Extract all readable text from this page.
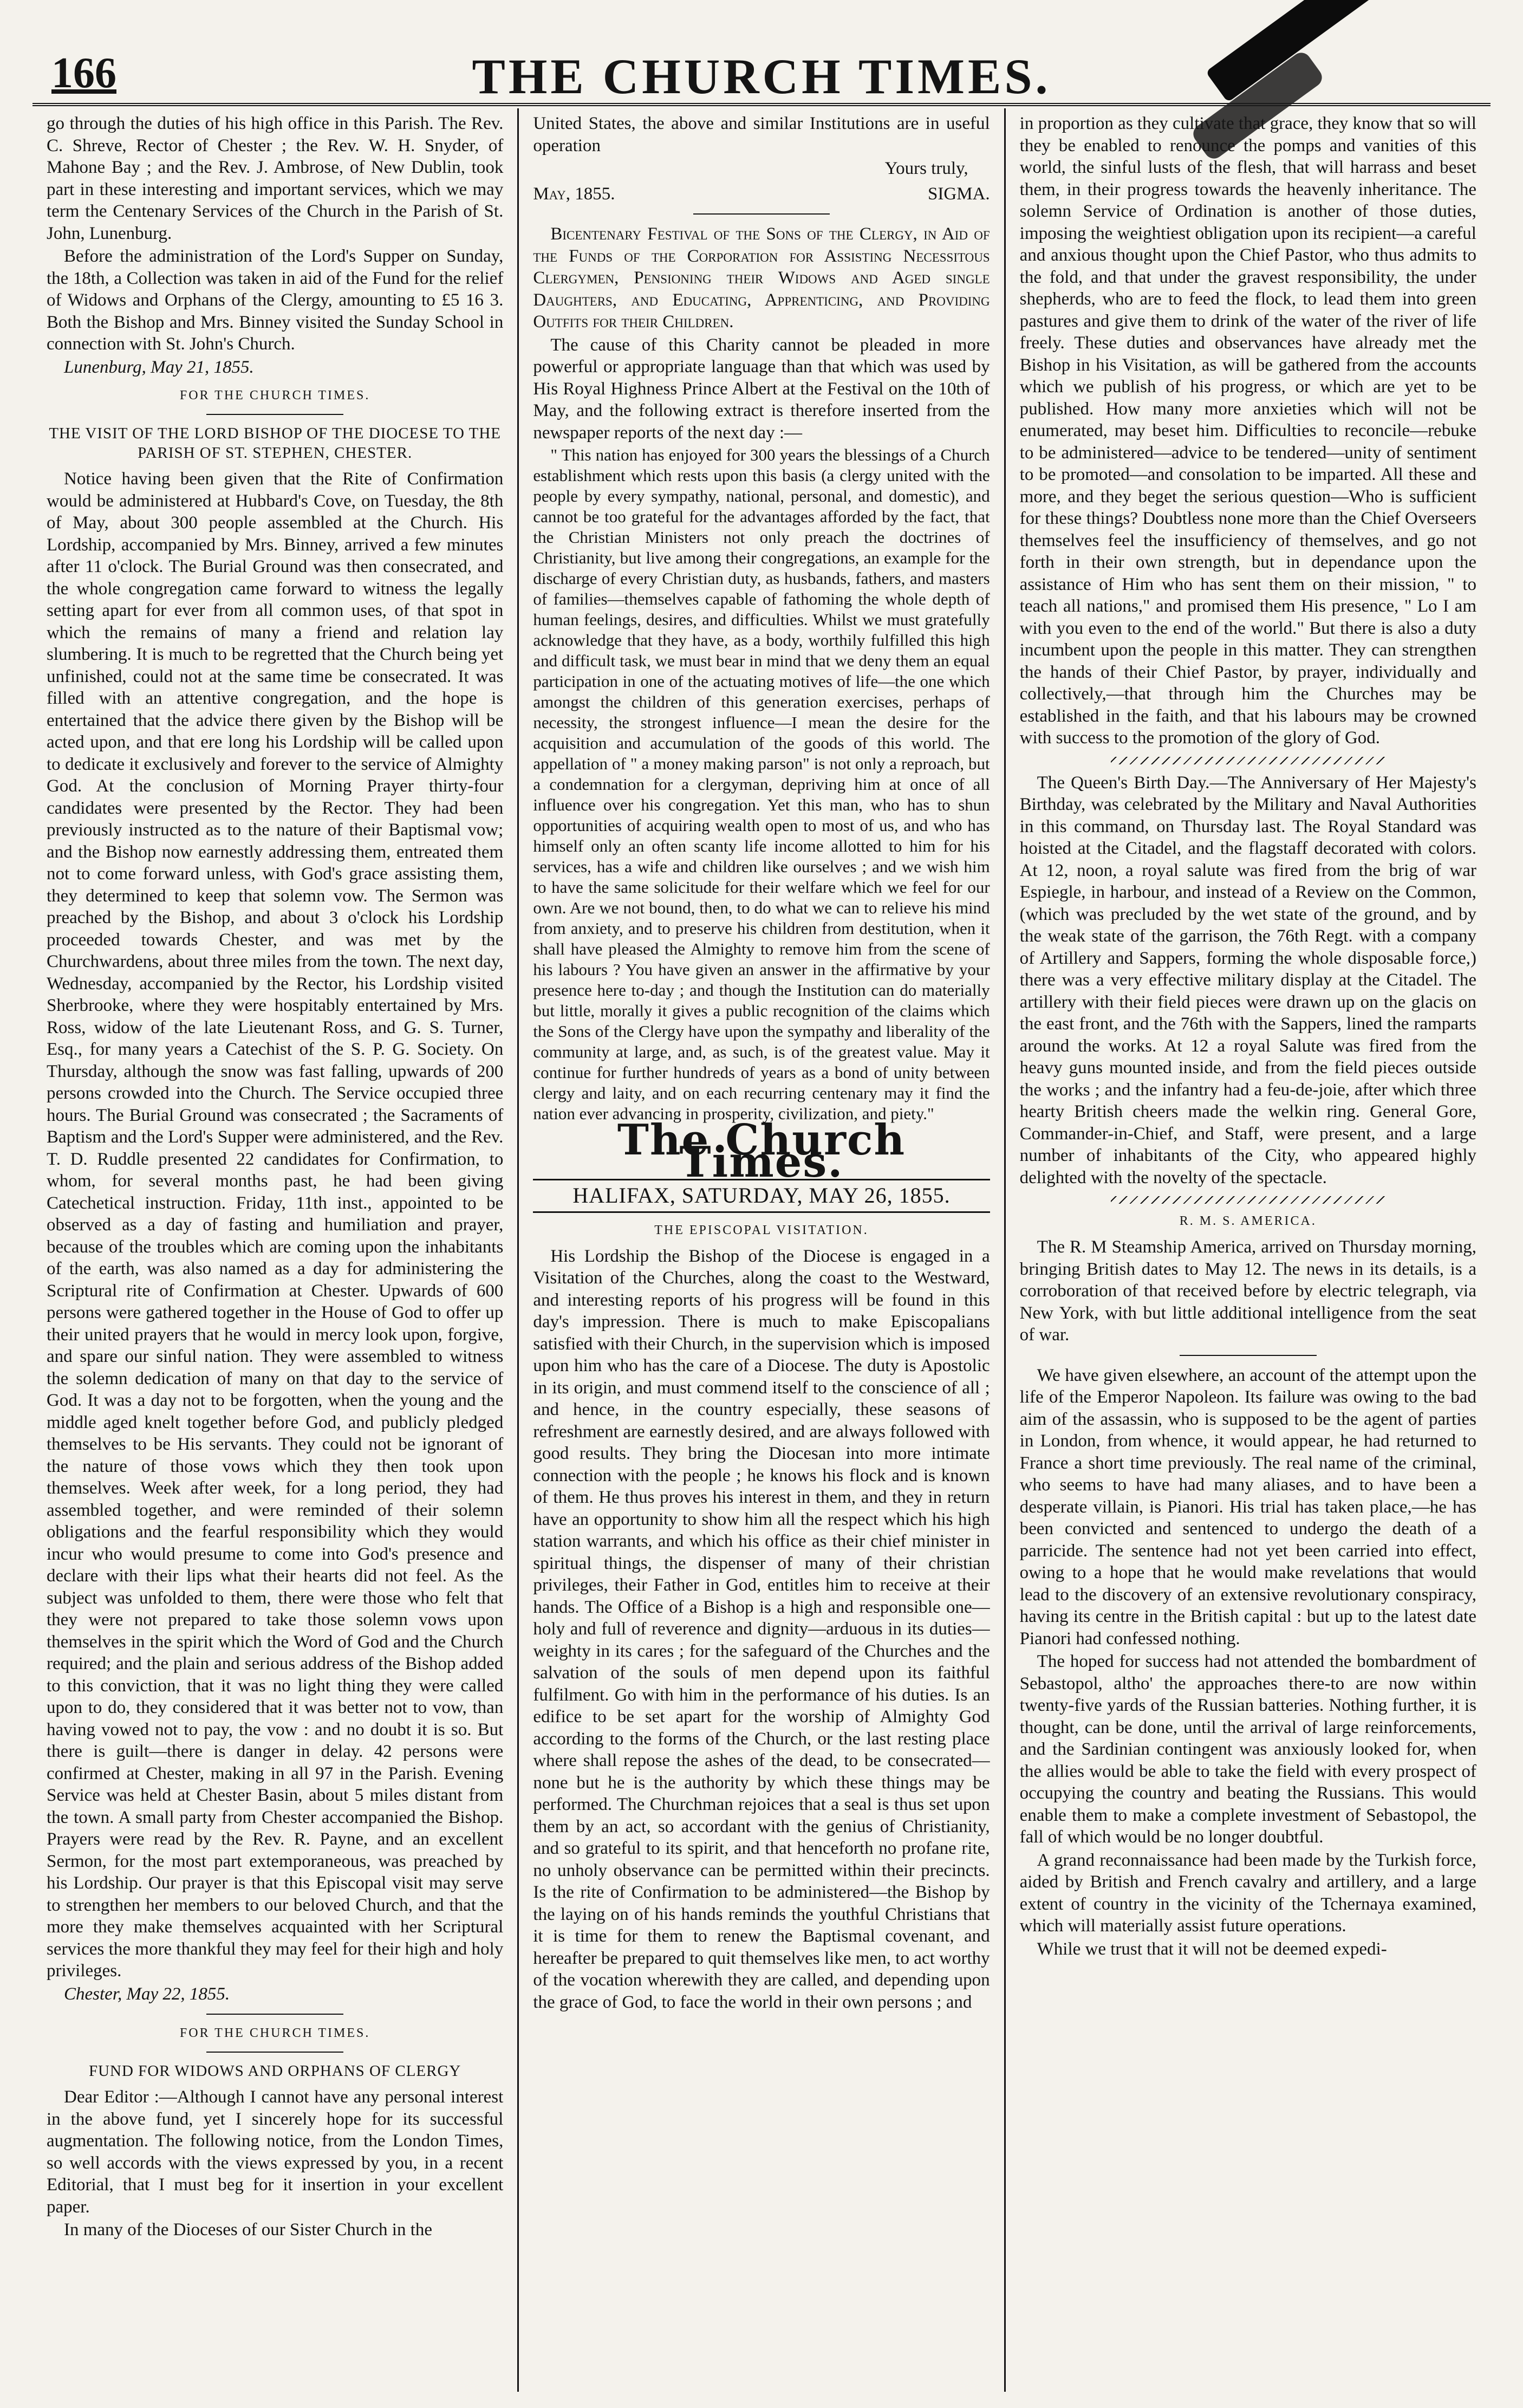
166	THE CHURCH TIMES.

go through the duties of his high office in this Parish. The Rev. C. Shreve, Rector of Chester ; the Rev. W. H. Snyder, of Mahone Bay ; and the Rev. J. Ambrose, of New Dublin, took part in these interesting and important services, which we may term the Centenary Services of the Church in the Parish of St. John, Lunenburg.

Before the administration of the Lord's Supper on Sunday, the 18th, a Collection was taken in aid of the Fund for the relief of Widows and Orphans of the Clergy, amounting to £5 16 3. Both the Bishop and Mrs. Binney visited the Sunday School in connection with St. John's Church.

Lunenburg, May 21, 1855.

FOR THE CHURCH TIMES.
THE VISIT OF THE LORD BISHOP OF THE DIOCESE TO THE PARISH OF ST. STEPHEN, CHESTER.

Notice having been given that the Rite of Confirmation would be administered at Hubbard's Cove, on Tuesday, the 8th of May, about 300 people assembled at the Church. His Lordship, accompanied by Mrs. Binney, arrived a few minutes after 11 o'clock. The Burial Ground was then consecrated, and the whole congregation came forward to witness the legally setting apart for ever from all common uses, of that spot in which the remains of many a friend and relation lay slumbering. It is much to be regretted that the Church being yet unfinished, could not at the same time be consecrated. It was filled with an attentive congregation, and the hope is entertained that the advice there given by the Bishop will be acted upon, and that ere long his Lordship will be called upon to dedicate it exclusively and forever to the service of Almighty God. At the conclusion of Morning Prayer thirty-four candidates were presented by the Rector. They had been previously instructed as to the nature of their Baptismal vow; and the Bishop now earnestly addressing them, entreated them not to come forward unless, with God's grace assisting them, they determined to keep that solemn vow. The Sermon was preached by the Bishop, and about 3 o'clock his Lordship proceeded towards Chester, and was met by the Churchwardens, about three miles from the town. The next day, Wednesday, accompanied by the Rector, his Lordship visited Sherbrooke, where they were hospitably entertained by Mrs. Ross, widow of the late Lieutenant Ross, and G. S. Turner, Esq., for many years a Catechist of the S. P. G. Society. On Thursday, although the snow was fast falling, upwards of 200 persons crowded into the Church. The Service occupied three hours. The Burial Ground was consecrated ; the Sacraments of Baptism and the Lord's Supper were administered, and the Rev. T. D. Ruddle presented 22 candidates for Confirmation, to whom, for several months past, he had been giving Catechetical instruction. Friday, 11th inst., appointed to be observed as a day of fasting and humiliation and prayer, because of the troubles which are coming upon the inhabitants of the earth, was also named as a day for administering the Scriptural rite of Confirmation at Chester. Upwards of 600 persons were gathered together in the House of God to offer up their united prayers that he would in mercy look upon, forgive, and spare our sinful nation. They were assembled to witness the solemn dedication of many on that day to the service of God. It was a day not to be forgotten, when the young and the middle aged knelt together before God, and publicly pledged themselves to be His servants. They could not be ignorant of the nature of those vows which they then took upon themselves. Week after week, for a long period, they had assembled together, and were reminded of their solemn obligations and the fearful responsibility which they would incur who would presume to come into God's presence and declare with their lips what their hearts did not feel. As the subject was unfolded to them, there were those who felt that they were not prepared to take those solemn vows upon themselves in the spirit which the Word of God and the Church required; and the plain and serious address of the Bishop added to this conviction, that it was no light thing they were called upon to do, they considered that it was better not to vow, than having vowed not to pay, the vow : and no doubt it is so. But there is guilt—there is danger in delay. 42 persons were confirmed at Chester, making in all 97 in the Parish. Evening Service was held at Chester Basin, about 5 miles distant from the town. A small party from Chester accompanied the Bishop. Prayers were read by the Rev. R. Payne, and an excellent Sermon, for the most part extemporaneous, was preached by his Lordship. Our prayer is that this Episcopal visit may serve to strengthen her members to our beloved Church, and that the more they make themselves acquainted with her Scriptural services the more thankful they may feel for their high and holy privileges.

Chester, May 22, 1855.

FOR THE CHURCH TIMES.
FUND FOR WIDOWS AND ORPHANS OF CLERGY

Dear Editor :—Although I cannot have any personal interest in the above fund, yet I sincerely hope for its successful augmentation. The following notice, from the London Times, so well accords with the views expressed by you, in a recent Editorial, that I must beg for it insertion in your excellent paper.

In many of the Dioceses of our Sister Church in the

United States, the above and similar Institutions are in useful operation

Yours truly,
May, 1855.	SIGMA.

Bicentenary Festival of the Sons of the Clergy, in Aid of the Funds of the Corporation for Assisting Necessitous Clergymen, Pensioning their Widows and Aged single Daughters, and Educating, Apprenticing, and Providing Outfits for their Children.

The cause of this Charity cannot be pleaded in more powerful or appropriate language than that which was used by His Royal Highness Prince Albert at the Festival on the 10th of May, and the following extract is therefore inserted from the newspaper reports of the next day :—

" This nation has enjoyed for 300 years the blessings of a Church establishment which rests upon this basis (a clergy united with the people by every sympathy, national, personal, and domestic), and cannot be too grateful for the advantages afforded by the fact, that the Christian Ministers not only preach the doctrines of Christianity, but live among their congregations, an example for the discharge of every Christian duty, as husbands, fathers, and masters of families—themselves capable of fathoming the whole depth of human feelings, desires, and difficulties. Whilst we must gratefully acknowledge that they have, as a body, worthily fulfilled this high and difficult task, we must bear in mind that we deny them an equal participation in one of the actuating motives of life—the one which amongst the children of this generation exercises, perhaps of necessity, the strongest influence—I mean the desire for the acquisition and accumulation of the goods of this world. The appellation of " a money making parson" is not only a reproach, but a condemnation for a clergyman, depriving him at once of all influence over his congregation. Yet this man, who has to shun opportunities of acquiring wealth open to most of us, and who has himself only an often scanty life income allotted to him for his services, has a wife and children like ourselves ; and we wish him to have the same solicitude for their welfare which we feel for our own. Are we not bound, then, to do what we can to relieve his mind from anxiety, and to preserve his children from destitution, when it shall have pleased the Almighty to remove him from the scene of his labours ? You have given an answer in the affirmative by your presence here to-day ; and though the Institution can do materially but little, morally it gives a public recognition of the claims which the Sons of the Clergy have upon the sympathy and liberality of the community at large, and, as such, is of the greatest value. May it continue for further hundreds of years as a bond of unity between clergy and laity, and on each recurring centenary may it find the nation ever advancing in prosperity, civilization, and piety."

The Church Times.
HALIFAX, SATURDAY, MAY 26, 1855.
THE EPISCOPAL VISITATION.

His Lordship the Bishop of the Diocese is engaged in a Visitation of the Churches, along the coast to the Westward, and interesting reports of his progress will be found in this day's impression. There is much to make Episcopalians satisfied with their Church, in the supervision which is imposed upon him who has the care of a Diocese. The duty is Apostolic in its origin, and must commend itself to the conscience of all ; and hence, in the country especially, these seasons of refreshment are earnestly desired, and are always followed with good results. They bring the Diocesan into more intimate connection with the people ; he knows his flock and is known of them. He thus proves his interest in them, and they in return have an opportunity to show him all the respect which his high station warrants, and which his office as their chief minister in spiritual things, the dispenser of many of their christian privileges, their Father in God, entitles him to receive at their hands. The Office of a Bishop is a high and responsible one—holy and full of reverence and dignity—arduous in its duties—weighty in its cares ; for the safeguard of the Churches and the salvation of the souls of men depend upon its faithful fulfilment. Go with him in the performance of his duties. Is an edifice to be set apart for the worship of Almighty God according to the forms of the Church, or the last resting place where shall repose the ashes of the dead, to be consecrated—none but he is the authority by which these things may be performed. The Churchman rejoices that a seal is thus set upon them by an act, so accordant with the genius of Christianity, and so grateful to its spirit, and that henceforth no profane rite, no unholy observance can be permitted within their precincts. Is the rite of Confirmation to be administered—the Bishop by the laying on of his hands reminds the youthful Christians that it is time for them to renew the Baptismal covenant, and hereafter be prepared to quit themselves like men, to act worthy of the vocation wherewith they are called, and depending upon the grace of God, to face the world in their own persons ; and

in proportion as they cultivate that grace, they know that so will they be enabled to renounce the pomps and vanities of this world, the sinful lusts of the flesh, that will harrass and beset them, in their progress towards the heavenly inheritance. The solemn Service of Ordination is another of those duties, imposing the weightiest obligation upon its recipient—a careful and anxious thought upon the Chief Pastor, who thus admits to the fold, and that under the gravest responsibility, the under shepherds, who are to feed the flock, to lead them into green pastures and give them to drink of the water of the river of life freely. These duties and observances have already met the Bishop in his Visitation, as will be gathered from the accounts which we publish of his progress, or which are yet to be published. How many more anxieties which will not be enumerated, may beset him. Difficulties to reconcile—rebuke to be administered—advice to be tendered—unity of sentiment to be promoted—and consolation to be imparted. All these and more, and they beget the serious question—Who is sufficient for these things? Doubtless none more than the Chief Overseers themselves feel the insufficiency of themselves, and go not forth in their own strength, but in dependance upon the assistance of Him who has sent them on their mission, " to teach all nations," and promised them His presence, " Lo I am with you even to the end of the world." But there is also a duty incumbent upon the people in this matter. They can strengthen the hands of their Chief Pastor, by prayer, individually and collectively,—that through him the Churches may be established in the faith, and that his labours may be crowned with success to the promotion of the glory of God.

The Queen's Birth Day.—The Anniversary of Her Majesty's Birthday, was celebrated by the Military and Naval Authorities in this command, on Thursday last. The Royal Standard was hoisted at the Citadel, and the flagstaff decorated with colors. At 12, noon, a royal salute was fired from the brig of war Espiegle, in harbour, and instead of a Review on the Common, (which was precluded by the wet state of the ground, and by the weak state of the garrison, the 76th Regt. with a company of Artillery and Sappers, forming the whole disposable force,) there was a very effective military display at the Citadel. The artillery with their field pieces were drawn up on the glacis on the east front, and the 76th with the Sappers, lined the ramparts around the works. At 12 a royal Salute was fired from the heavy guns mounted inside, and from the field pieces outside the works ; and the infantry had a feu-de-joie, after which three hearty British cheers made the welkin ring. General Gore, Commander-in-Chief, and Staff, were present, and a large number of inhabitants of the City, who appeared highly delighted with the novelty of the spectacle.

R. M. S. AMERICA.

The R. M Steamship America, arrived on Thursday morning, bringing British dates to May 12. The news in its details, is a corroboration of that received before by electric telegraph, via New York, with but little additional intelligence from the seat of war.

We have given elsewhere, an account of the attempt upon the life of the Emperor Napoleon. Its failure was owing to the bad aim of the assassin, who is supposed to be the agent of parties in London, from whence, it would appear, he had returned to France a short time previously. The real name of the criminal, who seems to have had many aliases, and to have been a desperate villain, is Pianori. His trial has taken place,—he has been convicted and sentenced to undergo the death of a parricide. The sentence had not yet been carried into effect, owing to a hope that he would make revelations that would lead to the discovery of an extensive revolutionary conspiracy, having its centre in the British capital : but up to the latest date Pianori had confessed nothing.

The hoped for success had not attended the bombardment of Sebastopol, altho' the approaches there-to are now within twenty-five yards of the Russian batteries. Nothing further, it is thought, can be done, until the arrival of large reinforcements, and the Sardinian contingent was anxiously looked for, when the allies would be able to take the field with every prospect of occupying the country and beating the Russians. This would enable them to make a complete investment of Sebastopol, the fall of which would be no longer doubtful.

A grand reconnaissance had been made by the Turkish force, aided by British and French cavalry and artillery, and a large extent of country in the vicinity of the Tchernaya examined, which will materially assist future operations.

While we trust that it will not be deemed expedi-
